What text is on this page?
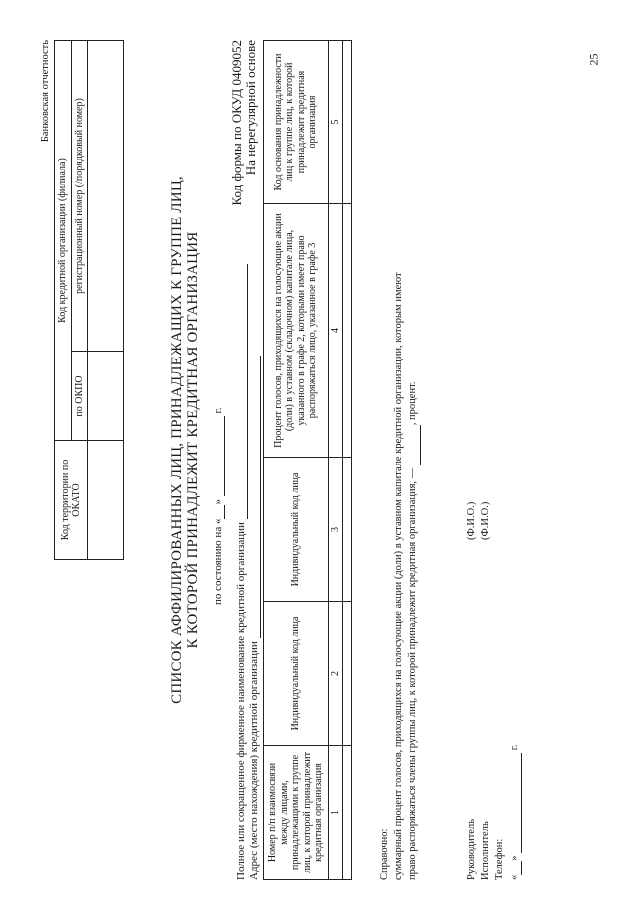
25
Банковская отчетность
Код территории по ОКАТО	Код кредитной организации (филиала)	
	по ОКПО	регистрационный номер (/порядковый номер)
			СПИСОК АФФИЛИРОВАННЫХ ЛИЦ, ПРИНАДЛЕЖАЩИХ К ГРУППЕ ЛИЦ, К КОТОРОЙ ПРИНАДЛЕЖИТ КРЕДИТНАЯ ОРГАНИЗАЦИЯ по состоянию на «»  г.
Полное или сокращенное фирменное наименование кредитной организации Адрес (место нахождения) кредитной организации
Код формы по ОКУД 0409052 На нерегулярной основе
Номер п/п взаимосвязи между лицами, принадлежащими к группе лиц, к которой принадлежит кредитная организация	Индивидуальный код лица	Индивидуальный код лица	Процент голосов, приходящихся на голосующие акции (доли) в уставном (складочном) капитале лица, указанного в графе 2, которыми имеет право распоряжаться лицо, указанное в графе 3	Код основания принадлежности лиц к группе лиц, к которой принадлежит кредитная организация
1	2	3	4	5

Справочно: суммарный процент голосов, приходящихся на голосующие акции (доли) в уставном капитале кредитной организации, которым имеют право распоряжаться члены группы лиц, к которой принадлежит кредитная организация, — , процент.
Руководитель Исполнитель Телефон: «»  г.
(Ф.И.О.) (Ф.И.О.)
